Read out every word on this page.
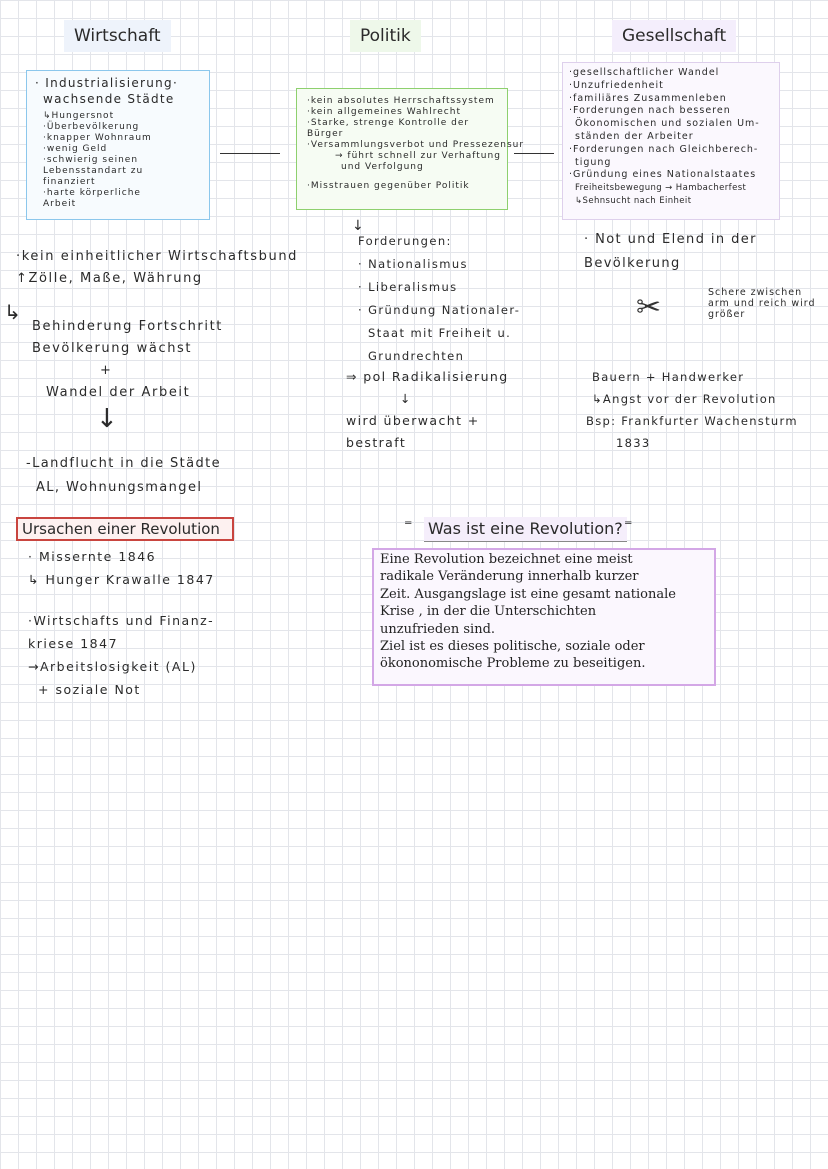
Wirtschaft	Politik	Gesellschaft
· Industrialisierung·
wachsende Städte
↳Hungersnot
·Überbevölkerung
·knapper Wohnraum
·wenig Geld
·schwierig seinen
Lebensstandart zu
finanziert
·harte körperliche
Arbeit
·kein absolutes Herrschaftssystem
·kein allgemeines Wahlrecht
·Starke, strenge Kontrolle der
Bürger
·Versammlungsverbot und Pressezensur
→ führt schnell zur Verhaftung
und Verfolgung
·Misstrauen gegenüber Politik
·gesellschaftlicher Wandel
·Unzufriedenheit
·familiäres Zusammenleben
·Forderungen nach besseren
Ökonomischen und sozialen Um-
ständen der Arbeiter
·Forderungen nach Gleichberech-
tigung
·Gründung eines Nationalstaates
Freiheitsbewegung → Hambacherfest
↳Sehnsucht nach Einheit
·kein einheitlicher Wirtschaftsbund
↑Zölle, Maße, Währung
↳
Behinderung Fortschritt
Bevölkerung wächst
+
Wandel der Arbeit
↓
-Landflucht in die Städte
AL, Wohnungsmangel
↓
Forderungen:
· Nationalismus
· Liberalismus
· Gründung Nationaler-
Staat mit Freiheit u.
Grundrechten
⇒ pol Radikalisierung
↓
wird überwacht +
bestraft
· Not und Elend in der
Bevölkerung
✂	Schere zwischen
arm und reich wird
größer
Bauern + Handwerker
↳Angst vor der Revolution
Bsp: Frankfurter Wachensturm
1833
Ursachen einer Revolution
· Missernte 1846
↳ Hunger Krawalle 1847
·Wirtschafts und Finanz-
kriese 1847
→Arbeitslosigkeit (AL)
+ soziale Not
Was ist eine Revolution?
⁼	⁼
Eine Revolution bezeichnet eine meist
radikale Veränderung innerhalb kurzer
Zeit. Ausgangslage ist eine gesamt nationale
Krise , in der die Unterschichten
unzufrieden sind.
Ziel ist es dieses politische, soziale oder
ökononomische Probleme zu beseitigen.
